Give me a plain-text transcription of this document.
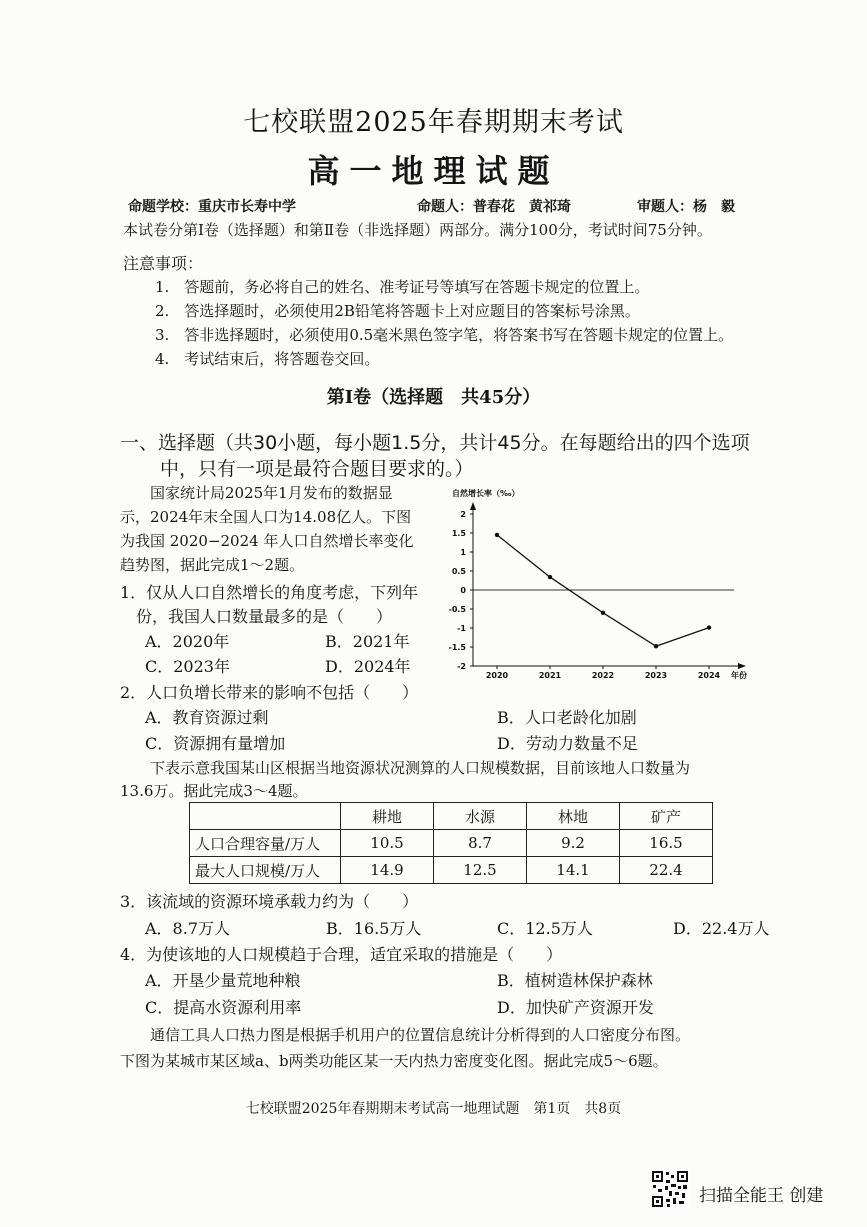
七校联盟2025年春期期末考试
高一地理试题
命题学校：重庆市长寿中学	命题人：普春花　黄祁琦	审题人：杨　毅
本试卷分第Ⅰ卷（选择题）和第Ⅱ卷（非选择题）两部分。满分100分，考试时间75分钟。
注意事项：
1.　答题前，务必将自己的姓名、准考证号等填写在答题卡规定的位置上。
2.　答选择题时，必须使用2B铅笔将答题卡上对应题目的答案标号涂黑。
3.　答非选择题时，必须使用0.5毫米黑色签字笔，将答案书写在答题卡规定的位置上。
4.　考试结束后，将答题卷交回。
第Ⅰ卷（选择题　共45分）
一、选择题（共30小题，每小题1.5分，共计45分。在每题给出的四个选项
中，只有一项是最符合题目要求的。）
　　国家统计局2025年1月发布的数据显
示，2024年末全国人口为14.08亿人。下图
为我国 2020−2024 年人口自然增长率变化
趋势图，据此完成1～2题。
2
1.5
1
0.5
0
-0.5
-1
-1.5
-2
2020	2021	2022	2023	2024
自然增长率（‰）
年份
1．仅从人口自然增长的角度考虑，下列年
　份，我国人口数量最多的是（　　）
A．2020年	B．2021年
C．2023年	D．2024年
2．人口负增长带来的影响不包括（　　）
A．教育资源过剩	B．人口老龄化加剧
C．资源拥有量增加	D．劳动力数量不足
　　下表示意我国某山区根据当地资源状况测算的人口规模数据，目前该地人口数量为
13.6万。据此完成3～4题。
	耕地	水源	林地	矿产
人口合理容量/万人	10.5	8.7	9.2	16.5
最大人口规模/万人	14.9	12.5	14.1	22.4
3．该流域的资源环境承载力约为（　　）
A．8.7万人	B．16.5万人	C．12.5万人	D．22.4万人
4．为使该地的人口规模趋于合理，适宜采取的措施是（　　）
A．开垦少量荒地种粮	B．植树造林保护森林
C．提高水资源利用率	D．加快矿产资源开发
　　通信工具人口热力图是根据手机用户的位置信息统计分析得到的人口密度分布图。
下图为某城市某区域a、b两类功能区某一天内热力密度变化图。据此完成5～6题。
七校联盟2025年春期期末考试高一地理试题　第1页　共8页
扫描全能王 创建
